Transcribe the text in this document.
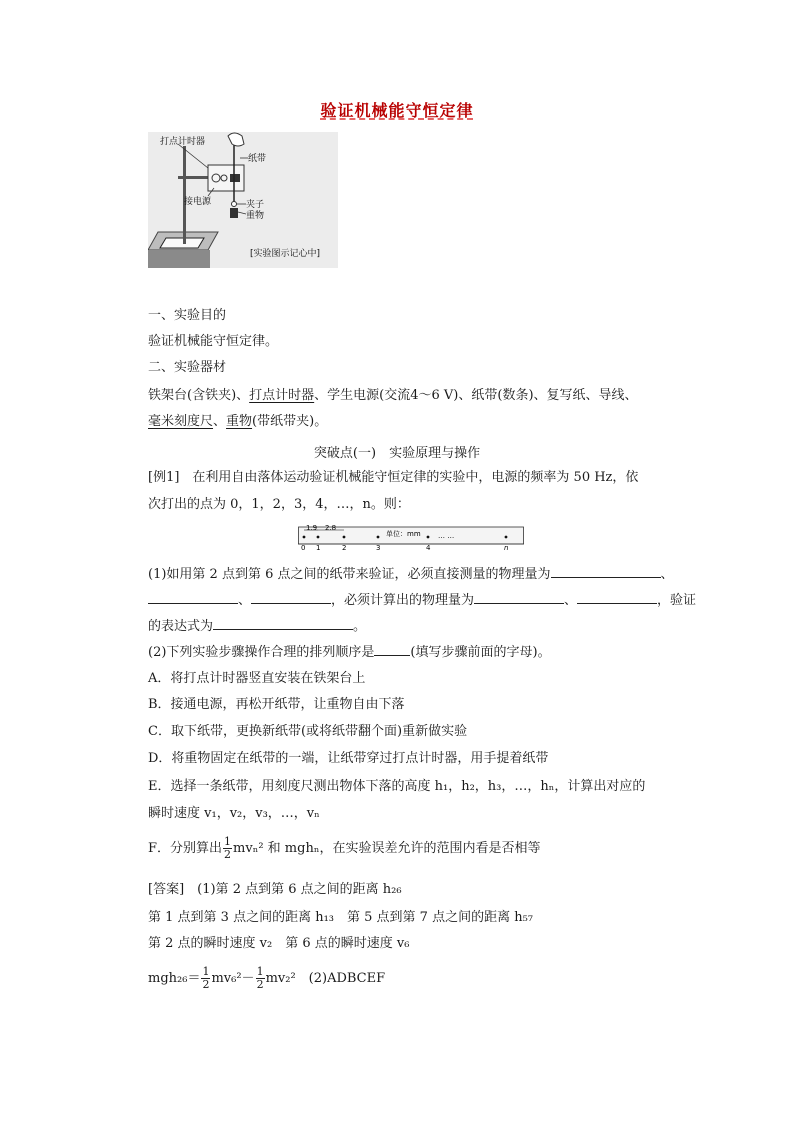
验证机械能守恒定律
打点计时器
纸带
接电源	夹子
重物
[实验图示记心中]
一、实验目的
验证机械能守恒定律。
二、实验器材
铁架台(含铁夹)、打点计时器、学生电源(交流4～6 V)、纸带(数条)、复写纸、导线、
毫米刻度尺、重物(带纸带夹)。
突破点(一)　实验原理与操作
[例1]　在利用自由落体运动验证机械能守恒定律的实验中，电源的频率为 50 Hz，依
次打出的点为 0，1，2，3，4，…，n。则：
1.9 2.8
单位：mm … …
0 1	2	3	4	n
(1)如用第 2 点到第 6 点之间的纸带来验证，必须直接测量的物理量为	、
、	，必须计算出的物理量为	、	，验证
的表达式为	。
(2)下列实验步骤操作合理的排列顺序是	(填写步骤前面的字母)。
A．将打点计时器竖直安装在铁架台上
B．接通电源，再松开纸带，让重物自由下落
C．取下纸带，更换新纸带(或将纸带翻个面)重新做实验
D．将重物固定在纸带的一端，让纸带穿过打点计时器，用手提着纸带
E．选择一条纸带，用刻度尺测出物体下落的高度 h₁，h₂，h₃，…，hₙ，计算出对应的
瞬时速度 v₁，v₂，v₃，…，vₙ
F．分别算出 $\frac{1}{2} mv_n^2$ 和 mghₙ，在实验误差允许的范围内看是否相等
[答案]　(1)第 2 点到第 6 点之间的距离 h₂₆
第 1 点到第 3 点之间的距离 h₁₃　第 5 点到第 7 点之间的距离 h₅₇
第 2 点的瞬时速度 v₂　第 6 点的瞬时速度 v₆
$mgh_{26}= \frac{1}{2} mv_6^2- \frac{1}{2} mv_2^2$　(2)ADBCEF
